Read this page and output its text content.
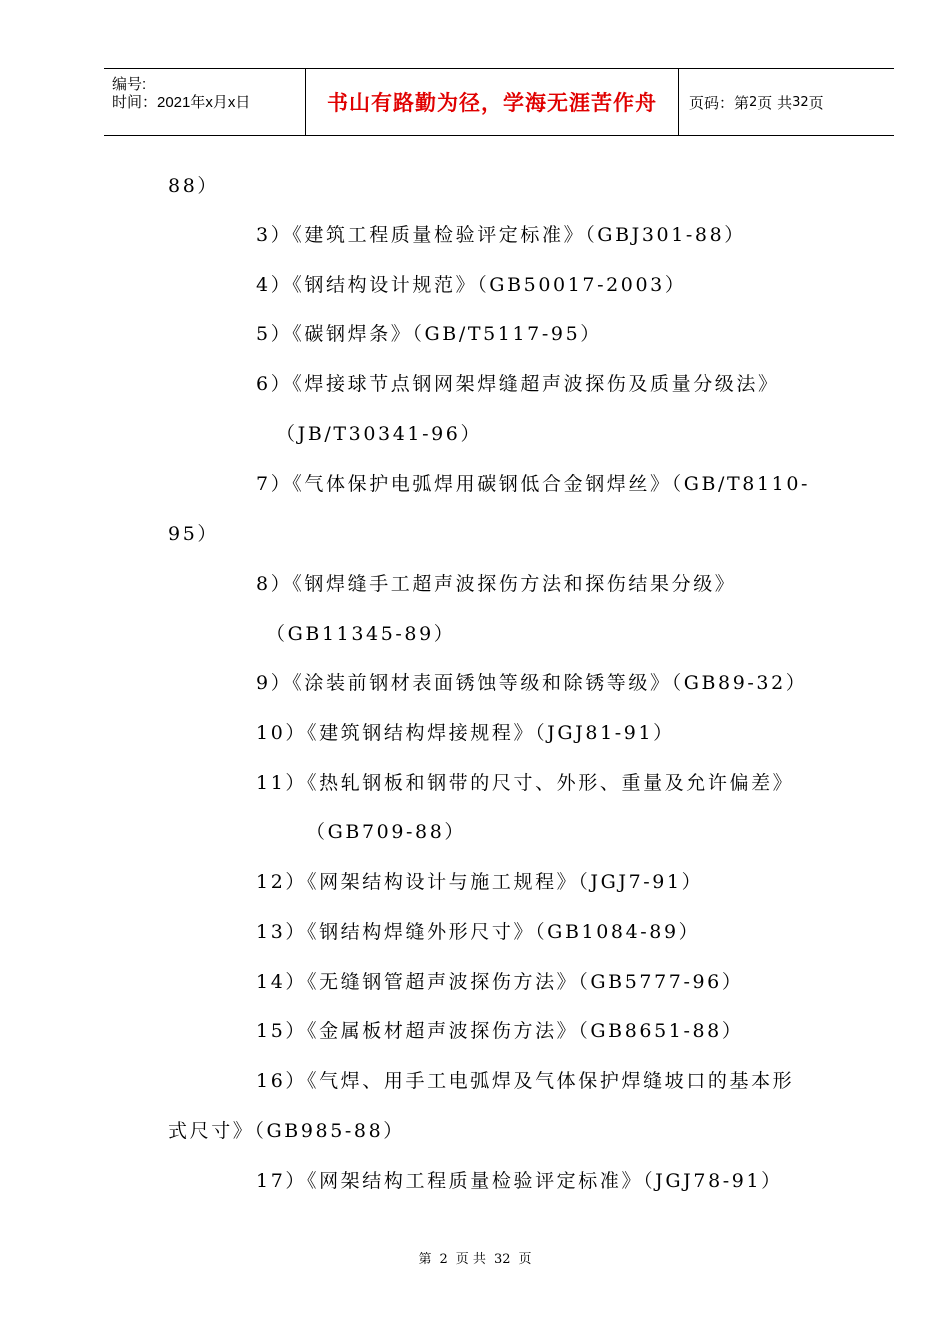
编号:
时间：2021年x月x日	书山有路勤为径，学海无涯苦作舟 页码：第 2 页 共 32 页
88）
3）《建筑工程质量检验评定标准》（GBJ301-88）
4）《钢结构设计规范》（GB50017-2003）
5）《碳钢焊条》（GB/T5117-95）
6）《焊接球节点钢网架焊缝超声波探伤及质量分级法》
（JB/T30341-96）
7）《气体保护电弧焊用碳钢低合金钢焊丝》（GB/T8110-
95）
8）《钢焊缝手工超声波探伤方法和探伤结果分级》
（GB11345-89）
9）《涂装前钢材表面锈蚀等级和除锈等级》（GB89-32）
10）《建筑钢结构焊接规程》（JGJ81-91）
11）《热轧钢板和钢带的尺寸、外形、重量及允许偏差》
（GB709-88）
12）《网架结构设计与施工规程》（JGJ7-91）
13）《钢结构焊缝外形尺寸》（GB1084-89）
14）《无缝钢管超声波探伤方法》（GB5777-96）
15）《金属板材超声波探伤方法》（GB8651-88）
16）《气焊、用手工电弧焊及气体保护焊缝坡口的基本形
式尺寸》（GB985-88）
17）《网架结构工程质量检验评定标准》（JGJ78-91）
第 2 页 共 32 页
